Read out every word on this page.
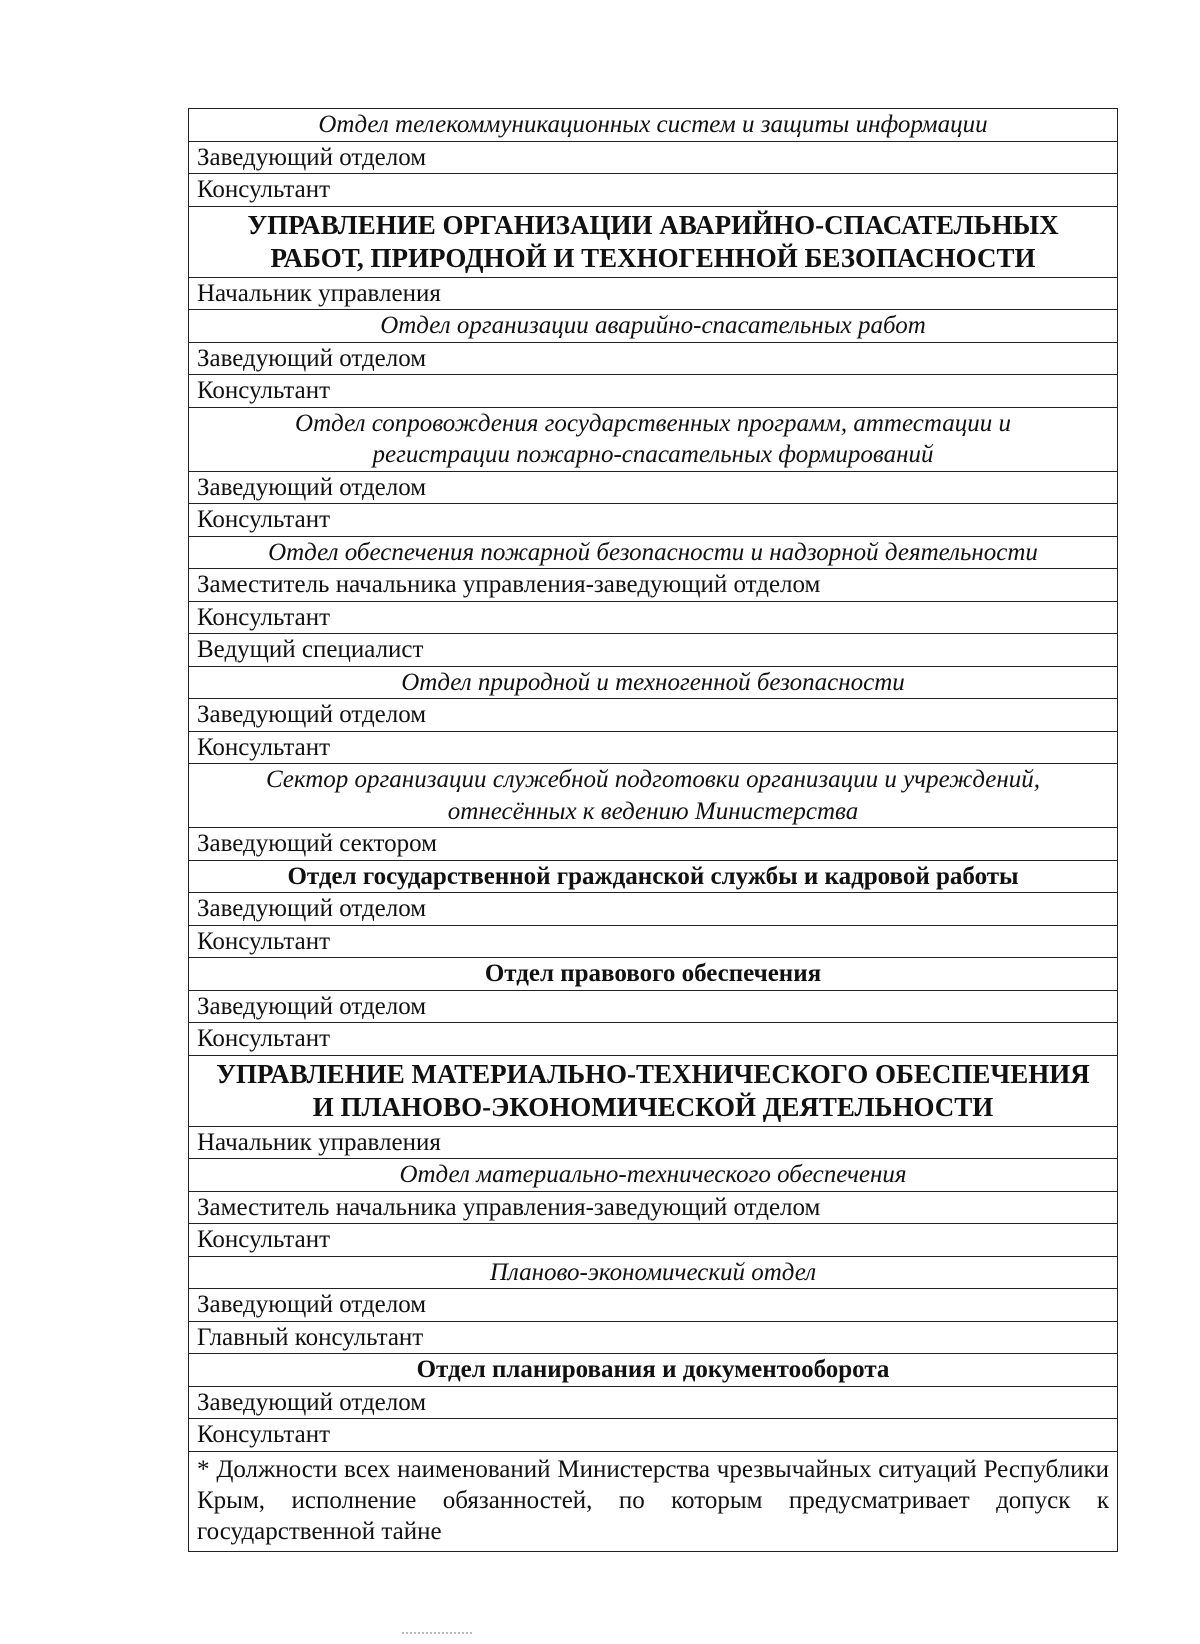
Отдел телекоммуникационных систем и защиты информации

Заведующий отделом
Консультант

УПРАВЛЕНИЕ ОРГАНИЗАЦИИ АВАРИЙНО-СПАСАТЕЛЬНЫХ
РАБОТ, ПРИРОДНОЙ И ТЕХНОГЕННОЙ БЕЗОПАСНОСТИ

Начальник управления

Отдел организации аварийно-спасательных работ

Заведующий отделом
Консультант

Отдел сопровождения государственных программ, аттестации и
регистрации пожарно-спасательных формирований

Заведующий отделом
Консультант

Отдел обеспечения пожарной безопасности и надзорной деятельности

Заместитель начальника управления-заведующий отделом
Консультант
Ведущий специалист

Отдел природной и техногенной безопасности

Заведующий отделом
Консультант

Сектор организации служебной подготовки организации и учреждений,
отнесённых к ведению Министерства

Заведующий сектором

Отдел государственной гражданской службы и кадровой работы

Заведующий отделом
Консультант

Отдел правового обеспечения

Заведующий отделом
Консультант

УПРАВЛЕНИЕ МАТЕРИАЛЬНО-ТЕХНИЧЕСКОГО ОБЕСПЕЧЕНИЯ
И ПЛАНОВО-ЭКОНОМИЧЕСКОЙ ДЕЯТЕЛЬНОСТИ

Начальник управления

Отдел материально-технического обеспечения

Заместитель начальника управления-заведующий отделом
Консультант

Планово-экономический отдел

Заведующий отделом
Главный консультант

Отдел планирования и документооборота

Заведующий отделом
Консультант
* Должности всех наименований Министерства чрезвычайных ситуаций Республики Крым, исполнение обязанностей, по которым предусматривает допуск к государственной тайне
